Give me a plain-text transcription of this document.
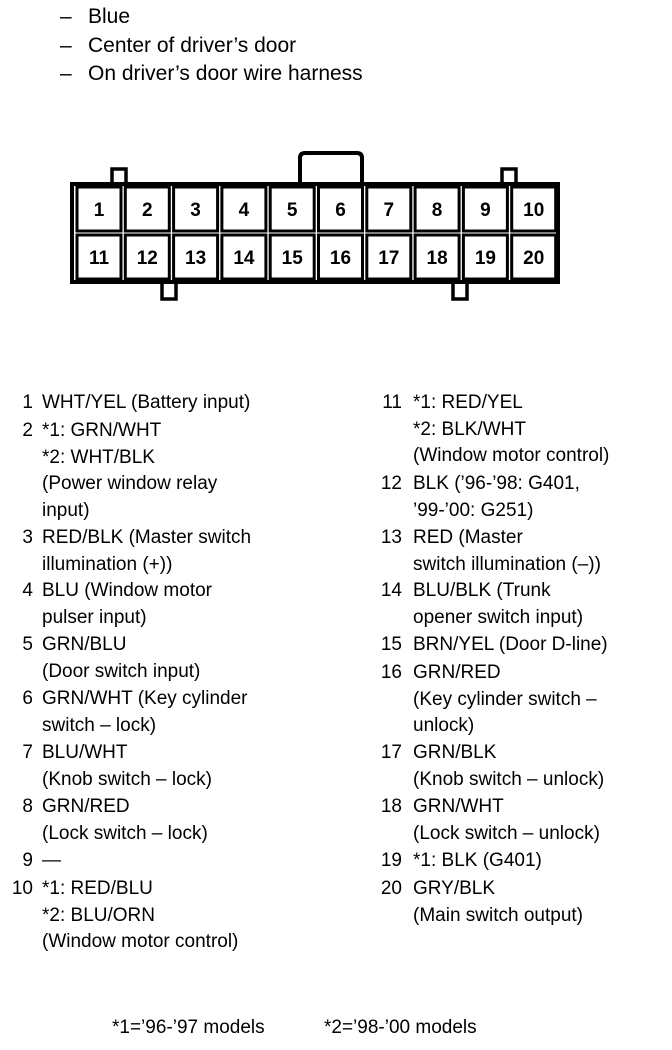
– Blue
– Center of driver’s door
– On driver’s door wire harness
1 2 3 4 5 6 7 8 9 10
11 12 13 14 15 16 17 18 19 20
1 WHT/YEL (Battery input)
2 *1: GRN/WHT
*2: WHT/BLK
(Power window relay
input)
3 RED/BLK (Master switch
illumination (+))
4 BLU (Window motor
pulser input)
5 GRN/BLU
(Door switch input)
6 GRN/WHT (Key cylinder
switch – lock)
7 BLU/WHT
(Knob switch – lock)
8 GRN/RED
(Lock switch – lock)
9 —
10 *1: RED/BLU
*2: BLU/ORN
(Window motor control)
11 *1: RED/YEL
*2: BLK/WHT
(Window motor control)
12 BLK (’96-’98: G401,
’99-’00: G251)
13 RED (Master
switch illumination (–))
14 BLU/BLK (Trunk
opener switch input)
15 BRN/YEL (Door D-line)
16 GRN/RED
(Key cylinder switch –
unlock)
17 GRN/BLK
(Knob switch – unlock)
18 GRN/WHT
(Lock switch – unlock)
19 *1: BLK (G401)
20 GRY/BLK
(Main switch output)
*1=’96-’97 models	*2=’98-’00 models
